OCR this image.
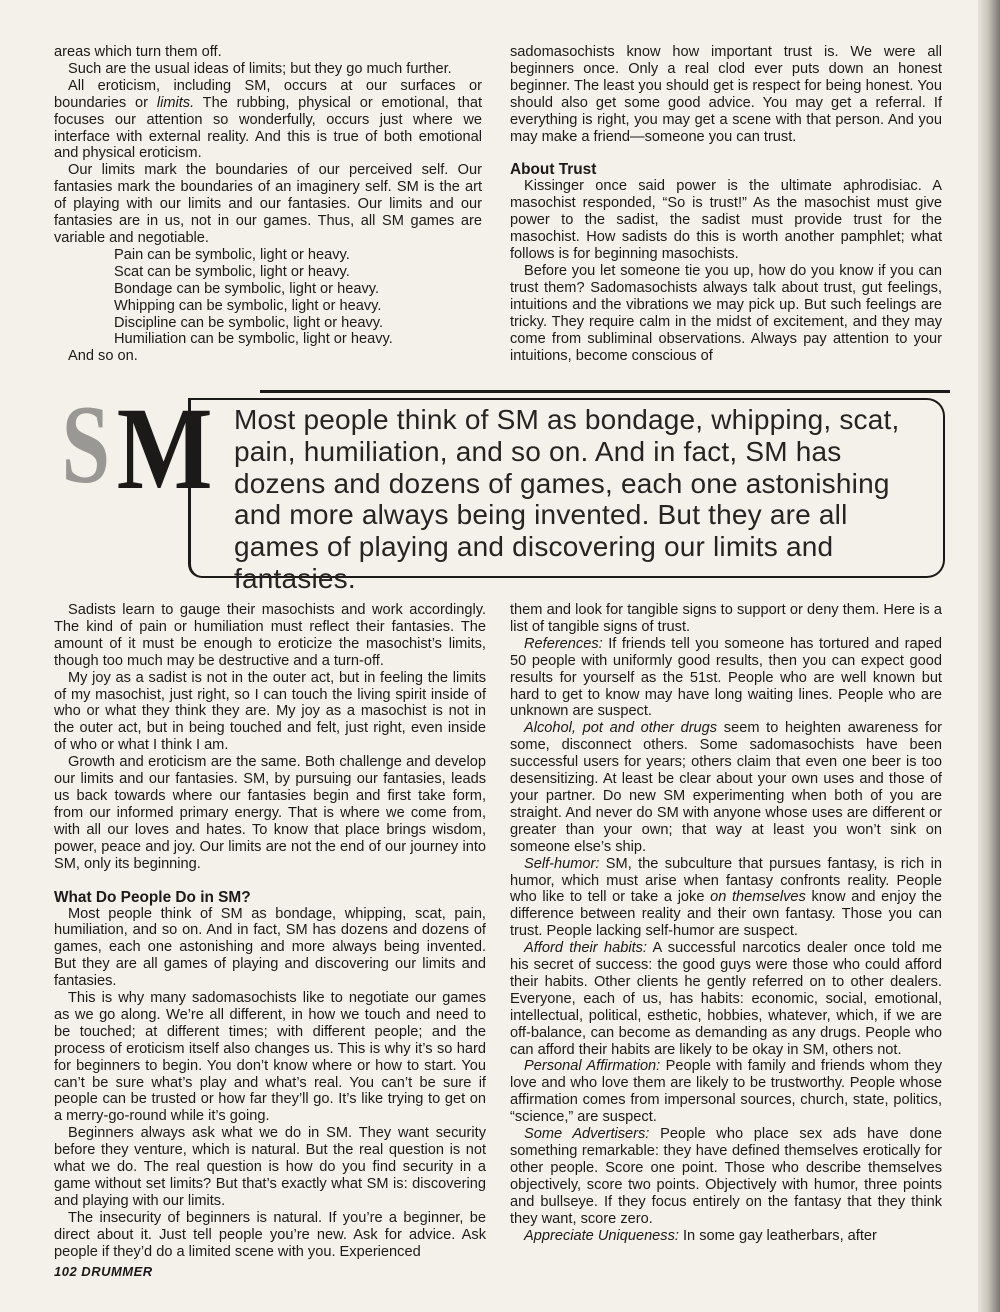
areas which turn them off.

Such are the usual ideas of limits; but they go much further.

All eroticism, including SM, occurs at our surfaces or boundaries or limits. The rubbing, physical or emotional, that focuses our attention so wonderfully, occurs just where we interface with external reality. And this is true of both emotional and physical eroticism.

Our limits mark the boundaries of our perceived self. Our fantasies mark the boundaries of an imaginery self. SM is the art of playing with our limits and our fantasies. Our limits and our fantasies are in us, not in our games. Thus, all SM games are variable and negotiable.

Pain can be symbolic, light or heavy.
Scat can be symbolic, light or heavy.
Bondage can be symbolic, light or heavy.
Whipping can be symbolic, light or heavy.
Discipline can be symbolic, light or heavy.
Humiliation can be symbolic, light or heavy.

And so on.

sadomasochists know how important trust is. We were all beginners once. Only a real clod ever puts down an honest beginner. The least you should get is respect for being honest. You should also get some good advice. You may get a referral. If everything is right, you may get a scene with that person. And you may make a friend—someone you can trust.

About Trust

Kissinger once said power is the ultimate aphrodisiac. A masochist responded, “So is trust!” As the masochist must give power to the sadist, the sadist must provide trust for the masochist. How sadists do this is worth another pamphlet; what follows is for beginning masochists.

Before you let someone tie you up, how do you know if you can trust them? Sadomasochists always talk about trust, gut feelings, intuitions and the vibrations we may pick up. But such feelings are tricky. They require calm in the midst of excitement, and they may come from subliminal observations. Always pay attention to your intuitions, become conscious of

S M Most people think of SM as bondage, whipping, scat, pain, humiliation, and so on. And in fact, SM has dozens and dozens of games, each one astonishing and more always being invented. But they are all games of playing and discovering our limits and fantasies.

Sadists learn to gauge their masochists and work accordingly. The kind of pain or humiliation must reflect their fantasies. The amount of it must be enough to eroticize the masochist’s limits, though too much may be destructive and a turn-off.

My joy as a sadist is not in the outer act, but in feeling the limits of my masochist, just right, so I can touch the living spirit inside of who or what they think they are. My joy as a masochist is not in the outer act, but in being touched and felt, just right, even inside of who or what I think I am.

Growth and eroticism are the same. Both challenge and develop our limits and our fantasies. SM, by pursuing our fantasies, leads us back towards where our fantasies begin and first take form, from our informed primary energy. That is where we come from, with all our loves and hates. To know that place brings wisdom, power, peace and joy. Our limits are not the end of our journey into SM, only its beginning.

What Do People Do in SM?

Most people think of SM as bondage, whipping, scat, pain, humiliation, and so on. And in fact, SM has dozens and dozens of games, each one astonishing and more always being invented. But they are all games of playing and discovering our limits and fantasies.

This is why many sadomasochists like to negotiate our games as we go along. We’re all different, in how we touch and need to be touched; at different times; with different people; and the process of eroticism itself also changes us. This is why it’s so hard for beginners to begin. You don’t know where or how to start. You can’t be sure what’s play and what’s real. You can’t be sure if people can be trusted or how far they’ll go. It’s like trying to get on a merry-go-round while it’s going.

Beginners always ask what we do in SM. They want security before they venture, which is natural. But the real question is not what we do. The real question is how do you find security in a game without set limits? But that’s exactly what SM is: discovering and playing with our limits.

The insecurity of beginners is natural. If you’re a beginner, be direct about it. Just tell people you’re new. Ask for advice. Ask people if they’d do a limited scene with you. Experienced

them and look for tangible signs to support or deny them. Here is a list of tangible signs of trust.

References: If friends tell you someone has tortured and raped 50 people with uniformly good results, then you can expect good results for yourself as the 51st. People who are well known but hard to get to know may have long waiting lines. People who are unknown are suspect.

Alcohol, pot and other drugs seem to heighten awareness for some, disconnect others. Some sadomasochists have been successful users for years; others claim that even one beer is too desensitizing. At least be clear about your own uses and those of your partner. Do new SM experimenting when both of you are straight. And never do SM with anyone whose uses are different or greater than your own; that way at least you won’t sink on someone else’s ship.

Self-humor: SM, the subculture that pursues fantasy, is rich in humor, which must arise when fantasy confronts reality. People who like to tell or take a joke on themselves know and enjoy the difference between reality and their own fantasy. Those you can trust. People lacking self-humor are suspect.

Afford their habits: A successful narcotics dealer once told me his secret of success: the good guys were those who could afford their habits. Other clients he gently referred on to other dealers. Everyone, each of us, has habits: economic, social, emotional, intellectual, political, esthetic, hobbies, whatever, which, if we are off-balance, can become as demanding as any drugs. People who can afford their habits are likely to be okay in SM, others not.

Personal Affirmation: People with family and friends whom they love and who love them are likely to be trustworthy. People whose affirmation comes from impersonal sources, church, state, politics, “science,” are suspect.

Some Advertisers: People who place sex ads have done something remarkable: they have defined themselves erotically for other people. Score one point. Those who describe themselves objectively, score two points. Objectively with humor, three points and bullseye. If they focus entirely on the fantasy that they think they want, score zero.

Appreciate Uniqueness: In some gay leatherbars, after

102 DRUMMER
